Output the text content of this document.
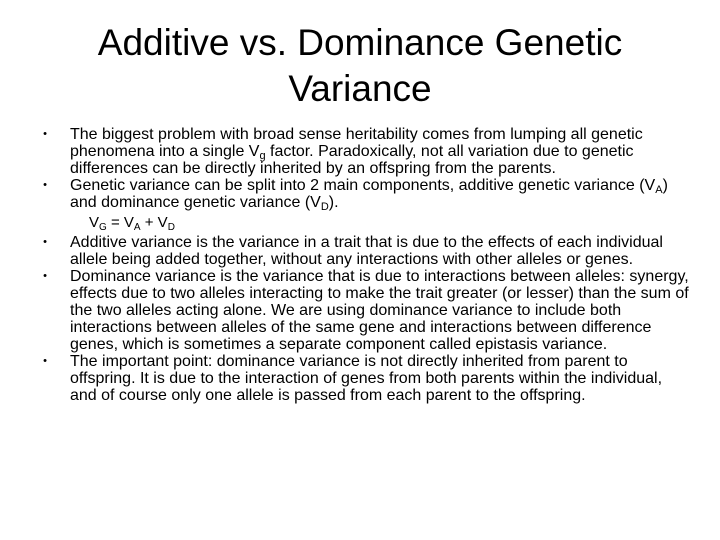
Additive vs. Dominance Genetic
Variance
•	The biggest problem with broad sense heritability comes from lumping all genetic phenomena into a single $V_g$ factor. Paradoxically, not all variation due to genetic differences can be directly inherited by an offspring from the parents.
•	Genetic variance can be split into 2 main components, additive genetic variance $(V_A)$ and dominance genetic variance $(V_D)$.
$V_G = V_A + V_D$
•	Additive variance is the variance in a trait that is due to the effects of each individual allele being added together, without any interactions with other alleles or genes.
•	Dominance variance is the variance that is due to interactions between alleles: synergy, effects due to two alleles interacting to make the trait greater (or lesser) than the sum of the two alleles acting alone. We are using dominance variance to include both interactions between alleles of the same gene and interactions between difference genes, which is sometimes a separate component called epistasis variance.
•	The important point: dominance variance is not directly inherited from parent to offspring. It is due to the interaction of genes from both parents within the individual, and of course only one allele is passed from each parent to the offspring.
